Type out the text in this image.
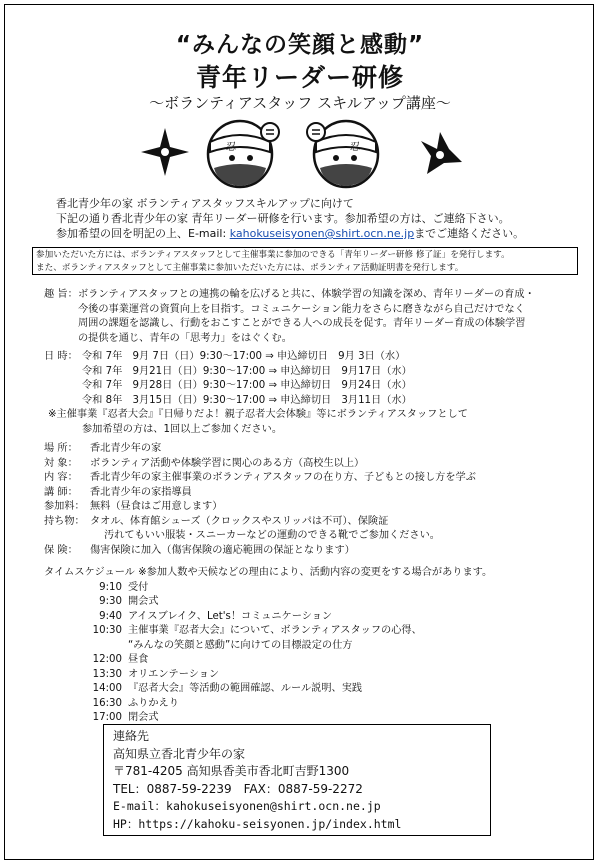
“みんなの笑顔と感動”
青年リーダー研修
〜ボランティアスタッフ スキルアップ講座〜
忍	忍
香北青少年の家 ボランティアスタッフスキルアップに向けて
下記の通り香北青少年の家 青年リーダー研修を行います。参加希望の方は、ご連絡下さい。
参加希望の回を明記の上、E-mail: kahokuseisyonen@shirt.ocn.ne.jpまでご連絡ください。
参加いただいた方には、ボランティアスタッフとして主催事業に参加のできる「青年リーダー研修 修了証」を発行します。
また、ボランティアスタッフとして主催事業に参加いただいた方には、ボランティア活動証明書を発行します。
趣 旨：ボランティアスタッフとの連携の輪を広げると共に、体験学習の知識を深め、青年リーダーの育成・
今後の事業運営の資質向上を目指す。コミュニケーション能力をさらに磨きながら自己だけでなく
周囲の課題を認識し、行動をおこすことができる人への成長を促す。青年リーダー育成の体験学習
の提供を通じ、青年の「思考力」をはぐくむ。
日 時： 令和 7年　9月 7日（日）9:30〜17:00 ⇒ 申込締切日　9月 3日（水）
令和 7年　9月21日（日）9:30〜17:00 ⇒ 申込締切日　9月17日（水）
令和 7年　9月28日（日）9:30〜17:00 ⇒ 申込締切日　9月24日（水）
令和 8年　3月15日（日）9:30〜17:00 ⇒ 申込締切日　3月11日（水）
※主催事業『忍者大会』『日帰りだよ！親子忍者大会体験』等にボランティアスタッフとして
参加希望の方は、1回以上ご参加ください。
場 所： 香北青少年の家
対 象： ボランティア活動や体験学習に関心のある方（高校生以上）
内 容： 香北青少年の家主催事業のボランティアスタッフの在り方、子どもとの接し方を学ぶ
講 師： 香北青少年の家指導員
参加料： 無料（昼食はご用意します）
持ち物： タオル、体育館シューズ（クロックスやスリッパは不可）、保険証
汚れてもいい服装・スニーカーなどの運動のできる靴でご参加ください。
保 険： 傷害保険に加入（傷害保険の適応範囲の保証となります）
タイムスケジュール ※参加人数や天候などの理由により、活動内容の変更をする場合があります。
9:10 受付
9:30 開会式
9:40 アイスブレイク、Let's！コミュニケーション
10:30 主催事業『忍者大会』について、ボランティアスタッフの心得、
“みんなの笑顔と感動”に向けての目標設定の仕方
12:00 昼食
13:30 オリエンテーション
14:00 『忍者大会』等活動の範囲確認、ルール説明、実践
16:30 ふりかえり
17:00 閉会式
連絡先
高知県立香北青少年の家
〒781-4205 高知県香美市香北町吉野1300
TEL：0887-59-2239　FAX：0887-59-2272
E-mail：kahokuseisyonen@shirt.ocn.ne.jp
HP：https://kahoku-seisyonen.jp/index.html
